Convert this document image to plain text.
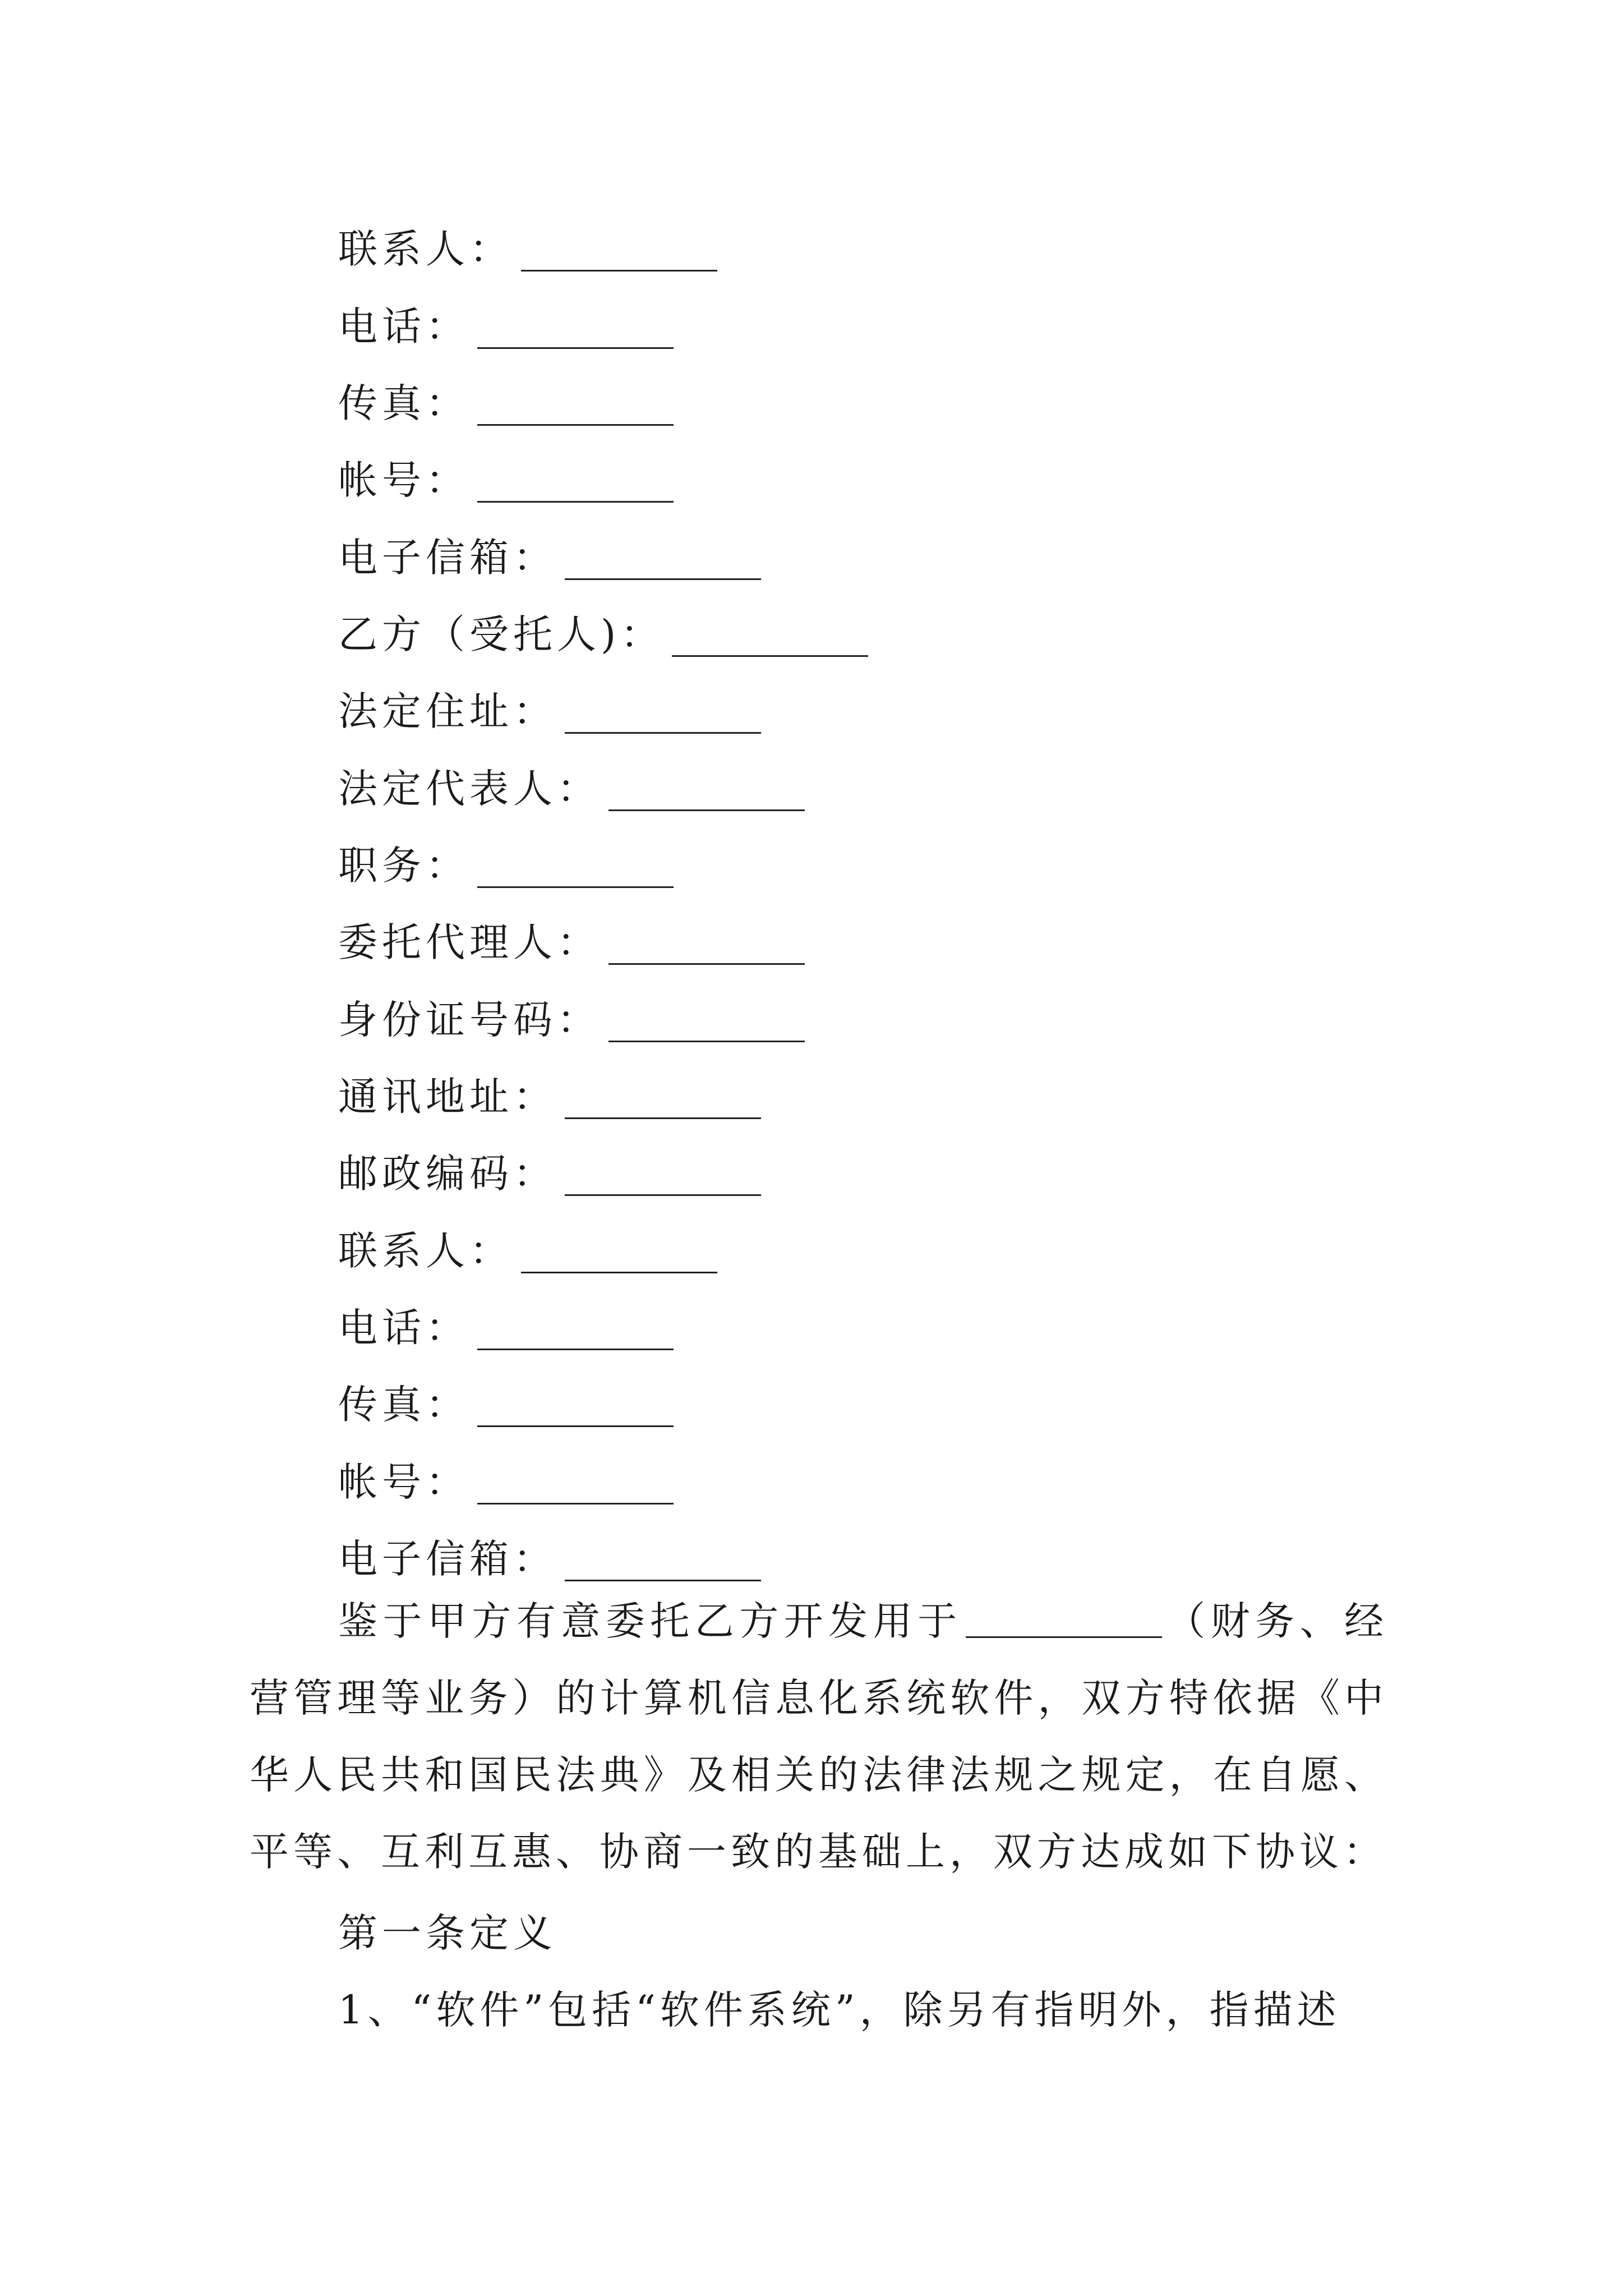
联系人：
电话：
传真：
帐号：
电子信箱：
乙方（受托人)：
法定住址：
法定代表人：
职务：
委托代理人：
身份证号码：
通讯地址：
邮政编码：
联系人：
电话：
传真：
帐号：
电子信箱：

鉴于甲方有意委托乙方开发用于	（财务、经营管理等业务）的计算机信息化系统软件，双方特依据《中华人民共和国民法典》及相关的法律法规之规定，在自愿、平等、互利互惠、协商一致的基础上，双方达成如下协议：

第一条定义
1、“软件”包括“软件系统”，除另有指明外，指描述
